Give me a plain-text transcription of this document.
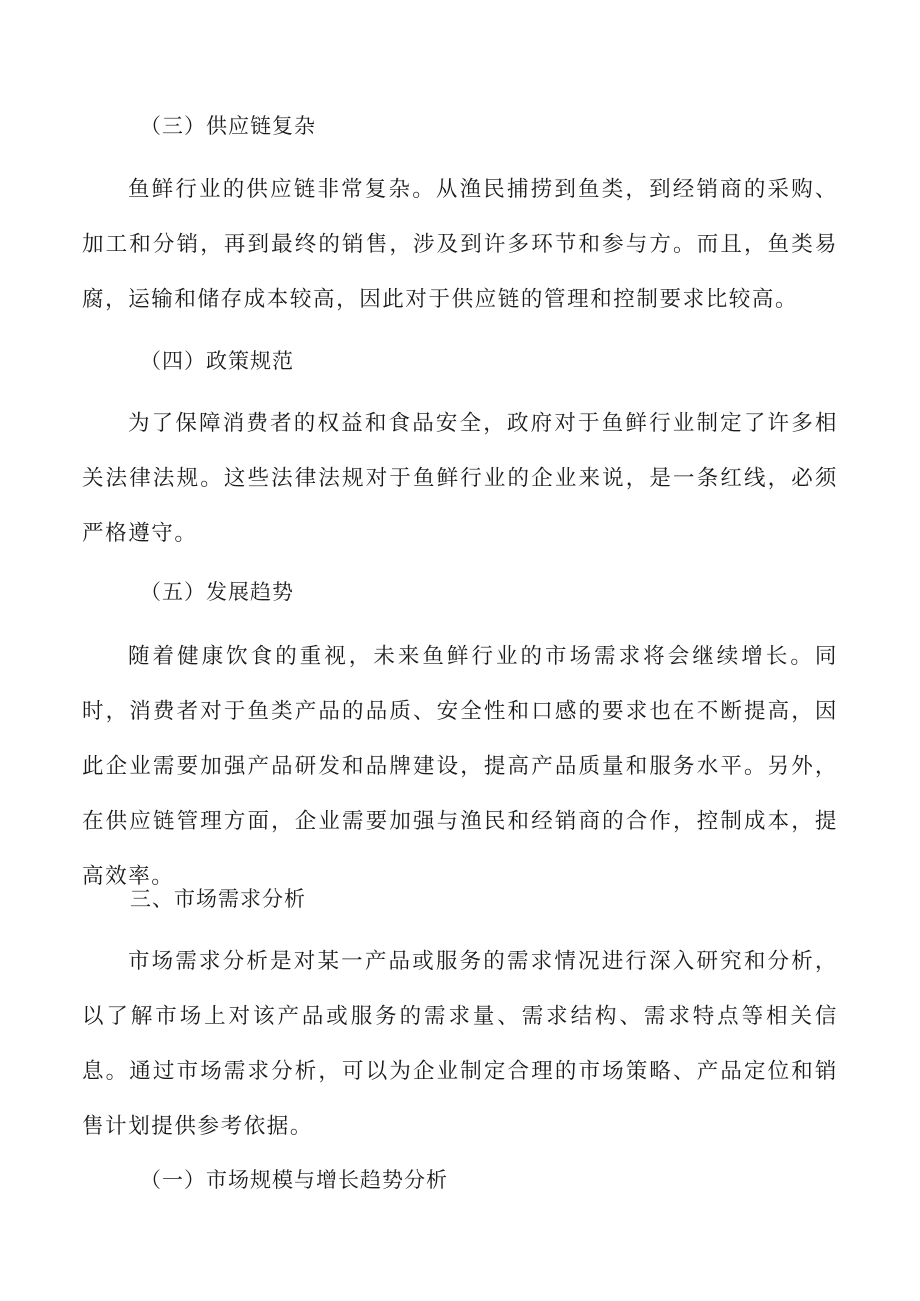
（三）供应链复杂

鱼鲜行业的供应链非常复杂。从渔民捕捞到鱼类，到经销商的采购、加工和分销，再到最终的销售，涉及到许多环节和参与方。而且，鱼类易腐，运输和储存成本较高，因此对于供应链的管理和控制要求比较高。

（四）政策规范

为了保障消费者的权益和食品安全，政府对于鱼鲜行业制定了许多相关法律法规。这些法律法规对于鱼鲜行业的企业来说，是一条红线，必须严格遵守。

（五）发展趋势

随着健康饮食的重视，未来鱼鲜行业的市场需求将会继续增长。同时，消费者对于鱼类产品的品质、安全性和口感的要求也在不断提高，因此企业需要加强产品研发和品牌建设，提高产品质量和服务水平。另外，在供应链管理方面，企业需要加强与渔民和经销商的合作，控制成本，提高效率。

三、市场需求分析

市场需求分析是对某一产品或服务的需求情况进行深入研究和分析，以了解市场上对该产品或服务的需求量、需求结构、需求特点等相关信息。通过市场需求分析，可以为企业制定合理的市场策略、产品定位和销售计划提供参考依据。

（一）市场规模与增长趋势分析
